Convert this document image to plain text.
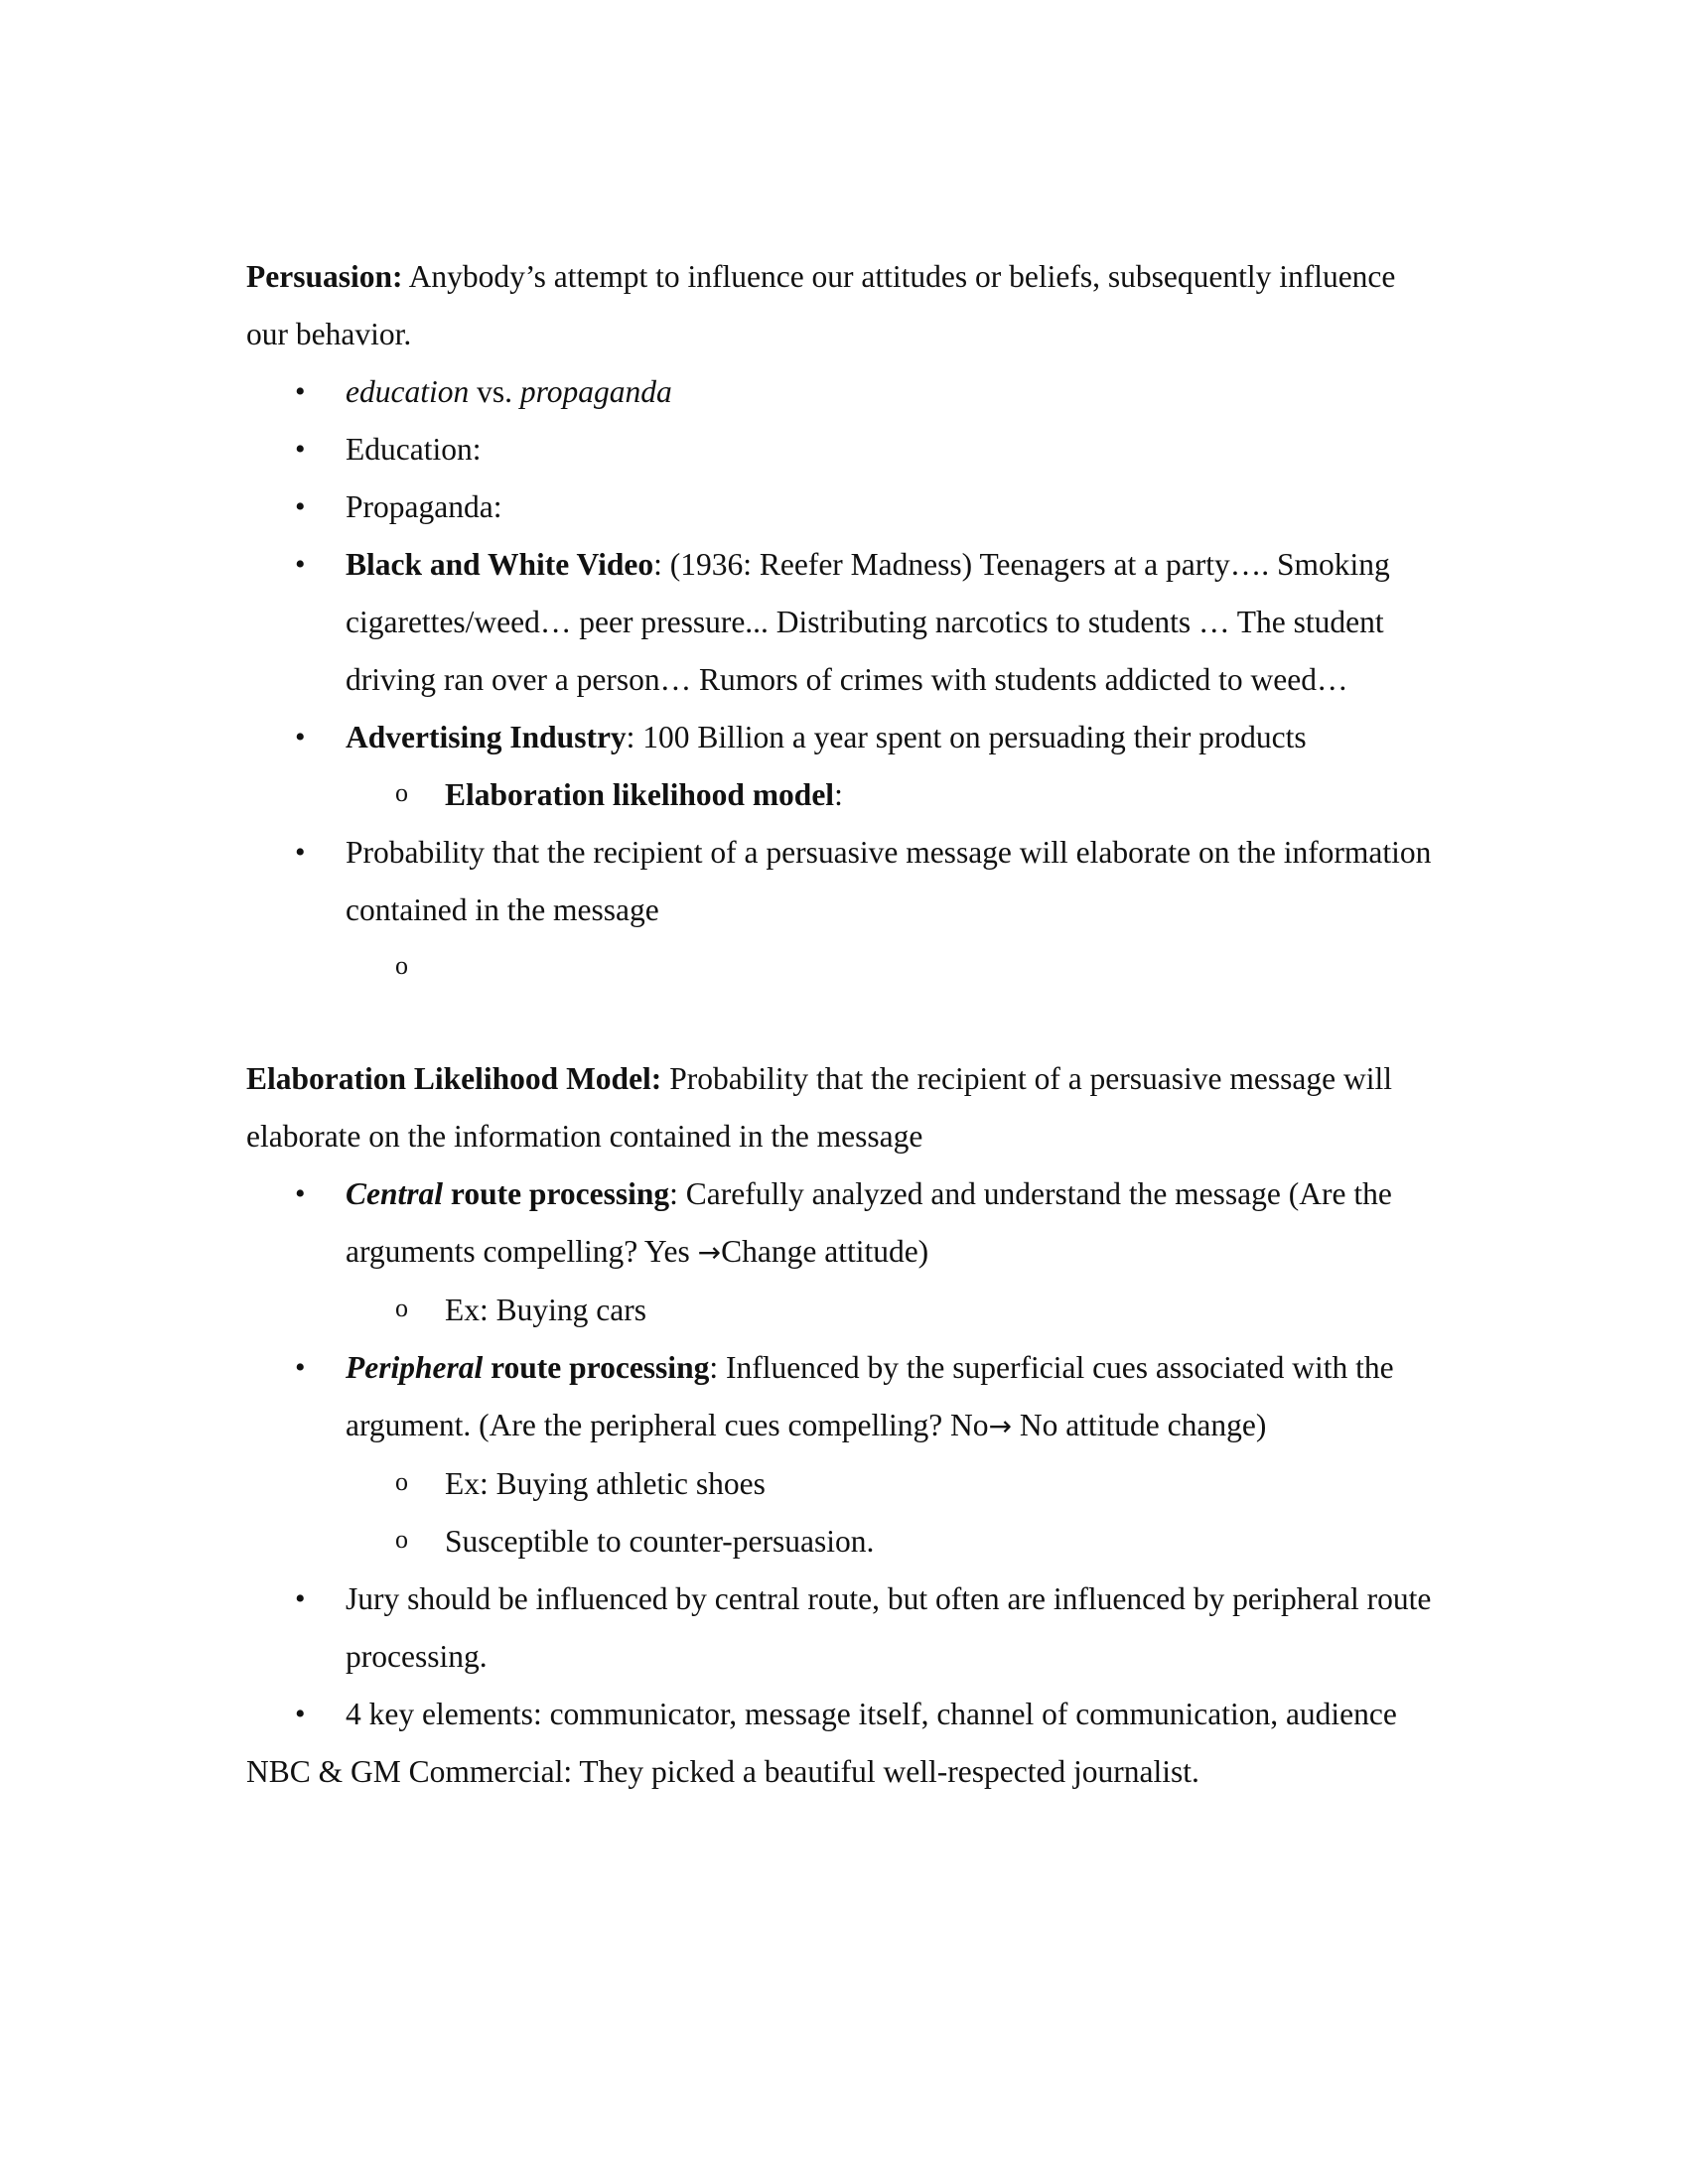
Persuasion: Anybody’s attempt to influence our attitudes or beliefs, subsequently influence our behavior.

• education vs. propaganda
• Education:
• Propaganda:
• Black and White Video: (1936: Reefer Madness) Teenagers at a party…. Smoking cigarettes/weed… peer pressure... Distributing narcotics to students … The student driving ran over a person… Rumors of crimes with students addicted to weed…
• Advertising Industry: 100 Billion a year spent on persuading their products
o Elaboration likelihood model:
• Probability that the recipient of a persuasive message will elaborate on the information contained in the message
o

Elaboration Likelihood Model: Probability that the recipient of a persuasive message will elaborate on the information contained in the message

• Central route processing: Carefully analyzed and understand the message (Are the arguments compelling? Yes →Change attitude)
o Ex: Buying cars
• Peripheral route processing: Influenced by the superficial cues associated with the argument. (Are the peripheral cues compelling? No→ No attitude change)
o Ex: Buying athletic shoes
o Susceptible to counter-persuasion.
• Jury should be influenced by central route, but often are influenced by peripheral route processing.
• 4 key elements: communicator, message itself, channel of communication, audience

NBC & GM Commercial: They picked a beautiful well-respected journalist.
